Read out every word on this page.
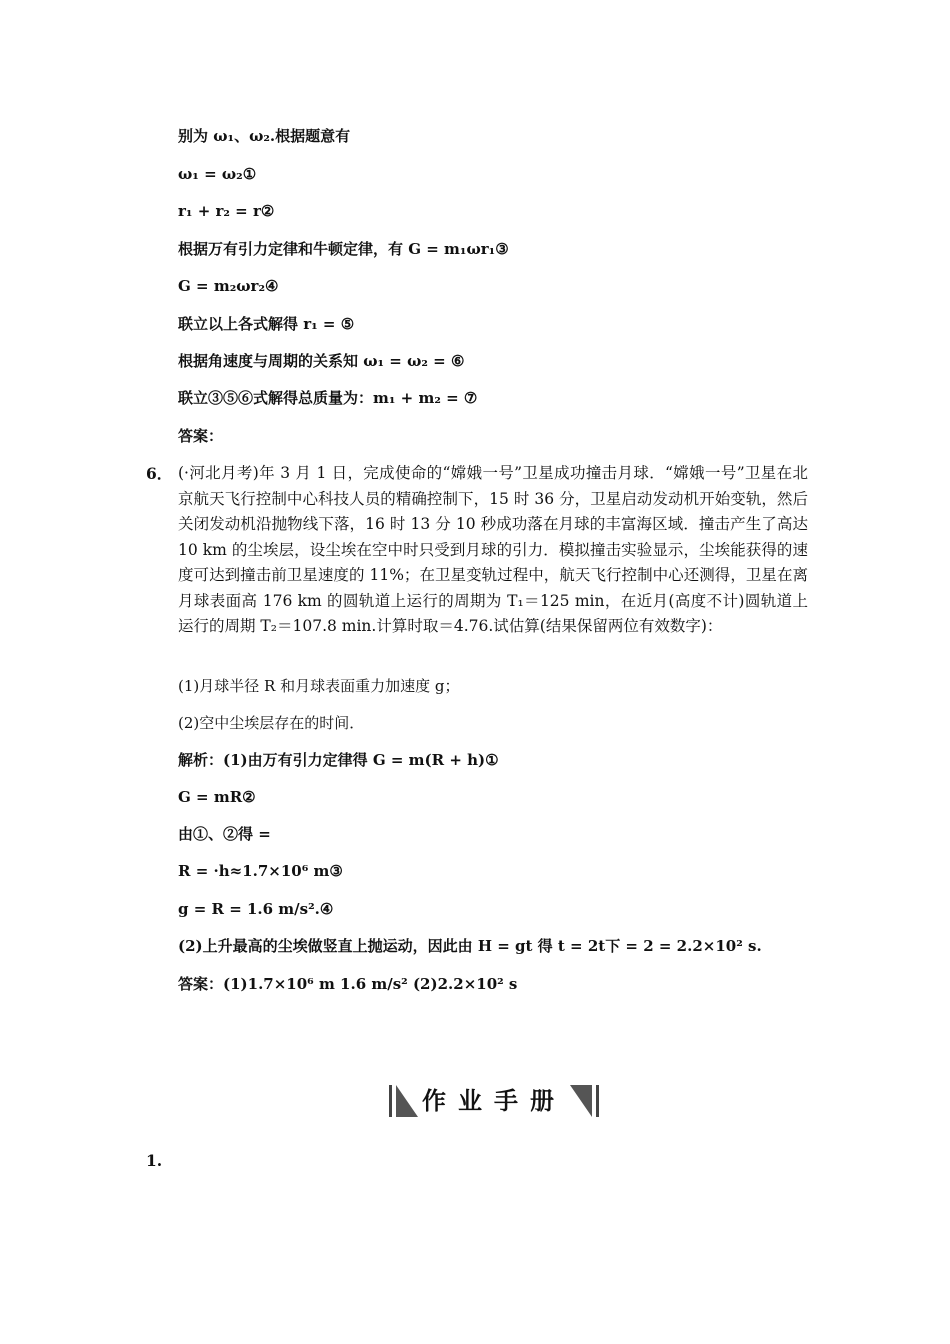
别为 ω₁、ω₂.根据题意有
ω₁ = ω₂①
r₁ + r₂ = r②
根据万有引力定律和牛顿定律，有 G = m₁ωr₁③
G = m₂ωr₂④
联立以上各式解得 r₁ = ⑤
根据角速度与周期的关系知 ω₁ = ω₂ = ⑥
联立③⑤⑥式解得总质量为：m₁ + m₂ = ⑦
答案：
6． (·河北月考)年 3 月 1 日，完成使命的“嫦娥一号”卫星成功撞击月球．“嫦娥一号”卫星在北京航天飞行控制中心科技人员的精确控制下，15 时 36 分，卫星启动发动机开始变轨，然后关闭发动机沿抛物线下落，16 时 13 分 10 秒成功落在月球的丰富海区域．撞击产生了高达 10 km 的尘埃层，设尘埃在空中时只受到月球的引力．模拟撞击实验显示，尘埃能获得的速度可达到撞击前卫星速度的 11%；在卫星变轨过程中，航天飞行控制中心还测得，卫星在离月球表面高 176 km 的圆轨道上运行的周期为 T₁＝125 min，在近月(高度不计)圆轨道上运行的周期 T₂＝107.8 min.计算时取＝4.76.试估算(结果保留两位有效数字)：
(1)月球半径 R 和月球表面重力加速度 g；
(2)空中尘埃层存在的时间．
解析：(1)由万有引力定律得 G = m(R + h)①
G = mR②
由①、②得 =
R = ·h≈1.7×10⁶ m③
g = R = 1.6 m/s².④
(2)上升最高的尘埃做竖直上抛运动，因此由 H = gt 得 t = 2t下 = 2 = 2.2×10² s.
答案：(1)1.7×10⁶ m 1.6 m/s² (2)2.2×10² s
作业手册
1.
